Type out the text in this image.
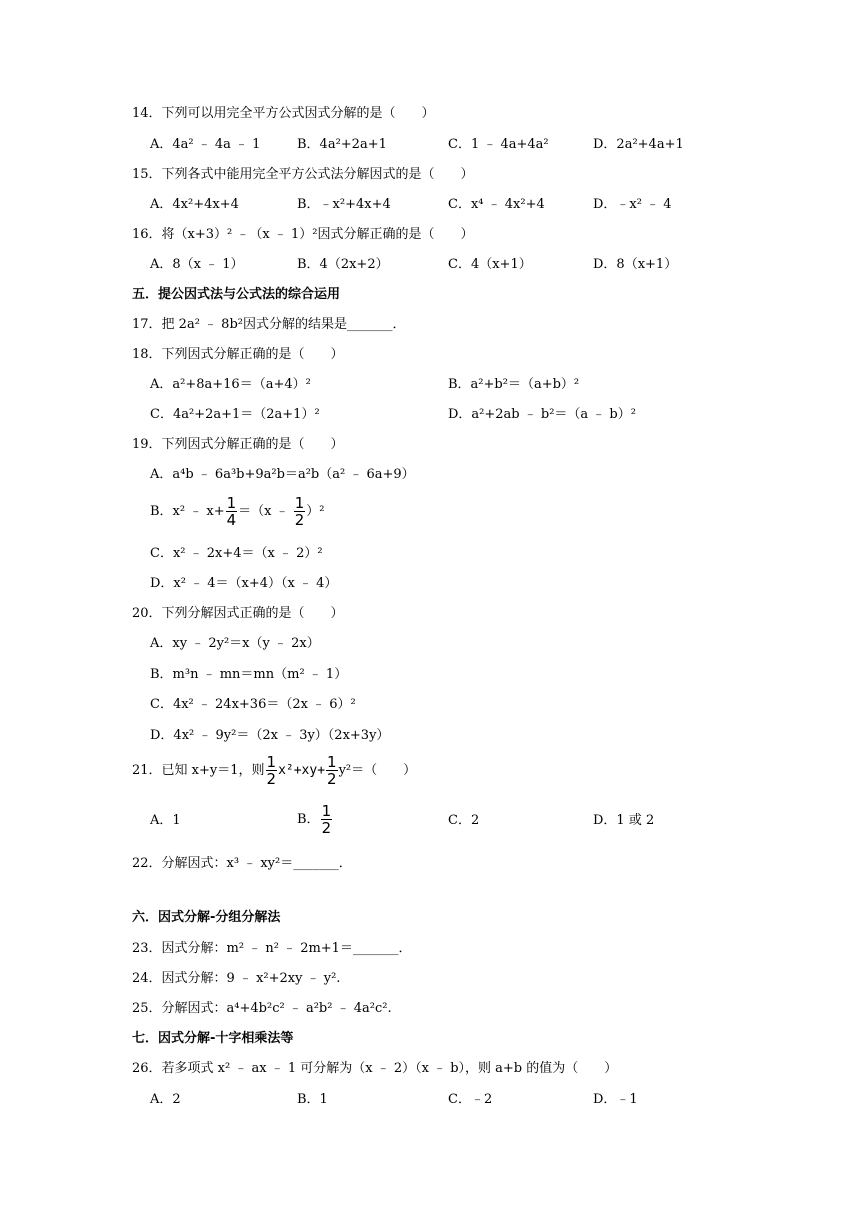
14．下列可以用完全平方公式因式分解的是（　　）
A．4a² ﹣ 4a ﹣ 1	B．4a²+2a+1	C．1 ﹣ 4a+4a²	D．2a²+4a+1
15．下列各式中能用完全平方公式法分解因式的是（　　）
A．4x²+4x+4	B．﹣x²+4x+4	C．x⁴ ﹣ 4x²+4	D．﹣x² ﹣ 4
16．将（x+3）² ﹣（x ﹣ 1）²因式分解正确的是（　　）
A．8（x ﹣ 1）	B．4（2x+2）	C．4（x+1）	D．8（x+1）
五．提公因式法与公式法的综合运用
17．把 2a² ﹣ 8b²因式分解的结果是_______．
18．下列因式分解正确的是（　　）
A．a²+8a+16＝（a+4）²	B．a²+b²＝（a+b）²
C．4a²+2a+1＝（2a+1）²	D．a²+2ab ﹣ b²＝（a ﹣ b）²
19．下列因式分解正确的是（　　）
A．a⁴b ﹣ 6a³b+9a²b＝a²b（a² ﹣ 6a+9）
B．x² ﹣ $x+ \frac{1}{4} =(x$ ﹣ $\frac{1}{2} )^2$
C．x² ﹣ 2x+4＝（x ﹣ 2）²
D．x² ﹣ 4＝（x+4）（x ﹣ 4）
20．下列分解因式正确的是（　　）
A．xy ﹣ 2y²＝x（y ﹣ 2x）
B．m³n ﹣ mn＝mn（m² ﹣ 1）
C．4x² ﹣ 24x+36＝（2x ﹣ 6）²
D．4x² ﹣ 9y²＝（2x ﹣ 3y）（2x+3y）
21．已知 x+y＝1，则 $\frac{1}{2} x^2+xy+ \frac{1}{2} y^2=$（　　）
A．1	B． $\frac{1}{2}$	C．2	D．1 或 2
22．分解因式：x³ ﹣ xy²＝_______．
六．因式分解-分组分解法
23．因式分解：m² ﹣ n² ﹣ 2m+1＝_______．
24．因式分解：9 ﹣ x²+2xy ﹣ y².
25．分解因式：a⁴+4b²c² ﹣ a²b² ﹣ 4a²c².
七．因式分解-十字相乘法等
26．若多项式 x² ﹣ ax ﹣ 1 可分解为（x ﹣ 2）（x ﹣ b），则 a+b 的值为（　　）
A．2	B．1	C．﹣2	D．﹣1
